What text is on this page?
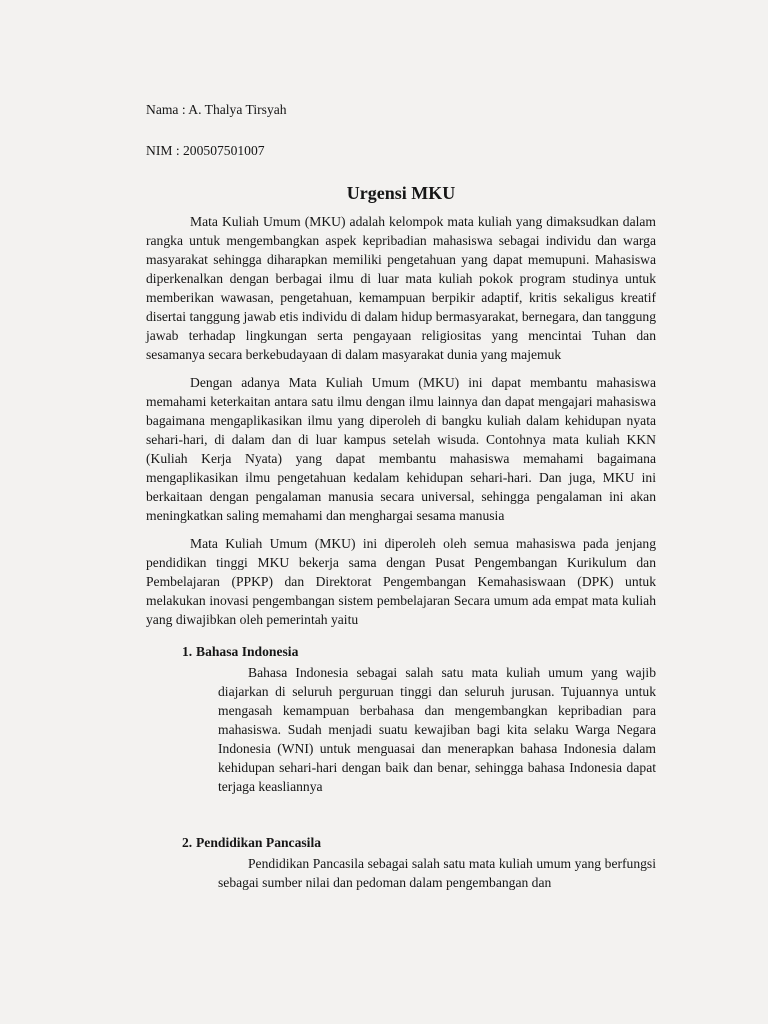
Nama : A. Thalya Tirsyah
NIM : 200507501007
Urgensi MKU

Mata Kuliah Umum (MKU) adalah kelompok mata kuliah yang dimaksudkan dalam rangka untuk mengembangkan aspek kepribadian mahasiswa sebagai individu dan warga masyarakat sehingga diharapkan memiliki pengetahuan yang dapat memupuni. Mahasiswa diperkenalkan dengan berbagai ilmu di luar mata kuliah pokok program studinya untuk memberikan wawasan, pengetahuan, kemampuan berpikir adaptif, kritis sekaligus kreatif disertai tanggung jawab etis individu di dalam hidup bermasyarakat, bernegara, dan tanggung jawab terhadap lingkungan serta pengayaan religiositas yang mencintai Tuhan dan sesamanya secara berkebudayaan di dalam masyarakat dunia yang majemuk

Dengan adanya Mata Kuliah Umum (MKU) ini dapat membantu mahasiswa memahami keterkaitan antara satu ilmu dengan ilmu lainnya dan dapat mengajari mahasiswa bagaimana mengaplikasikan ilmu yang diperoleh di bangku kuliah dalam kehidupan nyata sehari-hari, di dalam dan di luar kampus setelah wisuda. Contohnya mata kuliah KKN (Kuliah Kerja Nyata) yang dapat membantu mahasiswa memahami bagaimana mengaplikasikan ilmu pengetahuan kedalam kehidupan sehari-hari. Dan juga, MKU ini berkaitaan dengan pengalaman manusia secara universal, sehingga pengalaman ini akan meningkatkan saling memahami dan menghargai sesama manusia

Mata Kuliah Umum (MKU) ini diperoleh oleh semua mahasiswa pada jenjang pendidikan tinggi MKU bekerja sama dengan Pusat Pengembangan Kurikulum dan Pembelajaran (PPKP) dan Direktorat Pengembangan Kemahasiswaan (DPK) untuk melakukan inovasi pengembangan sistem pembelajaran Secara umum ada empat mata kuliah yang diwajibkan oleh pemerintah yaitu

1. Bahasa Indonesia

Bahasa Indonesia sebagai salah satu mata kuliah umum yang wajib diajarkan di seluruh perguruan tinggi dan seluruh jurusan. Tujuannya untuk mengasah kemampuan berbahasa dan mengembangkan kepribadian para mahasiswa. Sudah menjadi suatu kewajiban bagi kita selaku Warga Negara Indonesia (WNI) untuk menguasai dan menerapkan bahasa Indonesia dalam kehidupan sehari-hari dengan baik dan benar, sehingga bahasa Indonesia dapat terjaga keasliannya

2. Pendidikan Pancasila

Pendidikan Pancasila sebagai salah satu mata kuliah umum yang berfungsi sebagai sumber nilai dan pedoman dalam pengembangan dan
